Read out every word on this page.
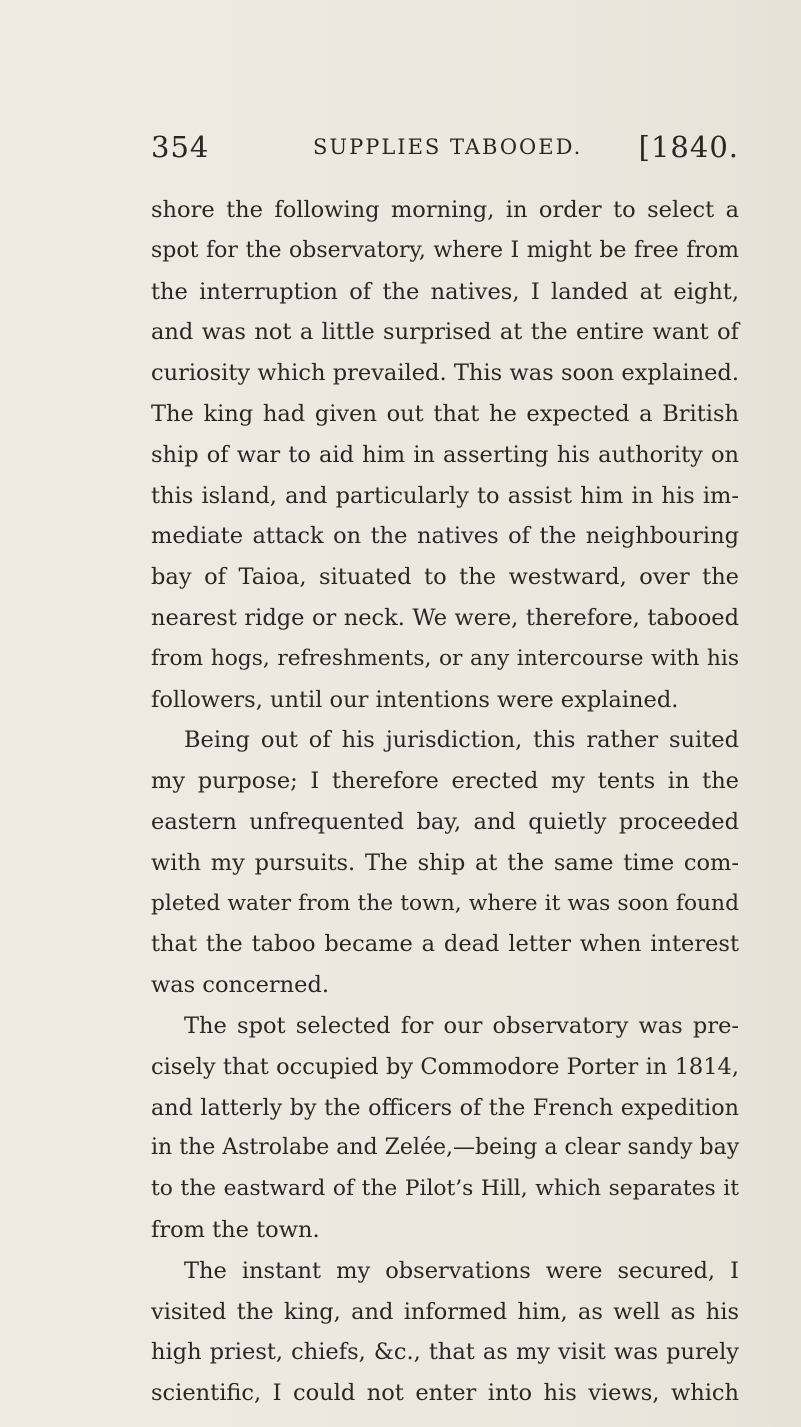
354	SUPPLIES TABOOED. [1840.
shore the following morning, in order to select a
spot for the observatory, where I might be free from
the interruption of the natives, I landed at eight,
and was not a little surprised at the entire want of
curiosity which prevailed. This was soon explained.
The king had given out that he expected a British
ship of war to aid him in asserting his authority on
this island, and particularly to assist him in his im-
mediate attack on the natives of the neighbouring
bay of Taioa, situated to the westward, over the
nearest ridge or neck. We were, therefore, tabooed
from hogs, refreshments, or any intercourse with his
followers, until our intentions were explained.
Being out of his jurisdiction, this rather suited
my purpose; I therefore erected my tents in the
eastern unfrequented bay, and quietly proceeded
with my pursuits. The ship at the same time com-
pleted water from the town, where it was soon found
that the taboo became a dead letter when interest
was concerned.
The spot selected for our observatory was pre-
cisely that occupied by Commodore Porter in 1814,
and latterly by the officers of the French expedition
in the Astrolabe and Zelée,—being a clear sandy bay
to the eastward of the Pilot’s Hill, which separates it
from the town.
The instant my observations were secured, I
visited the king, and informed him, as well as his
high priest, chiefs, &c., that as my visit was purely
scientific, I could not enter into his views, which
